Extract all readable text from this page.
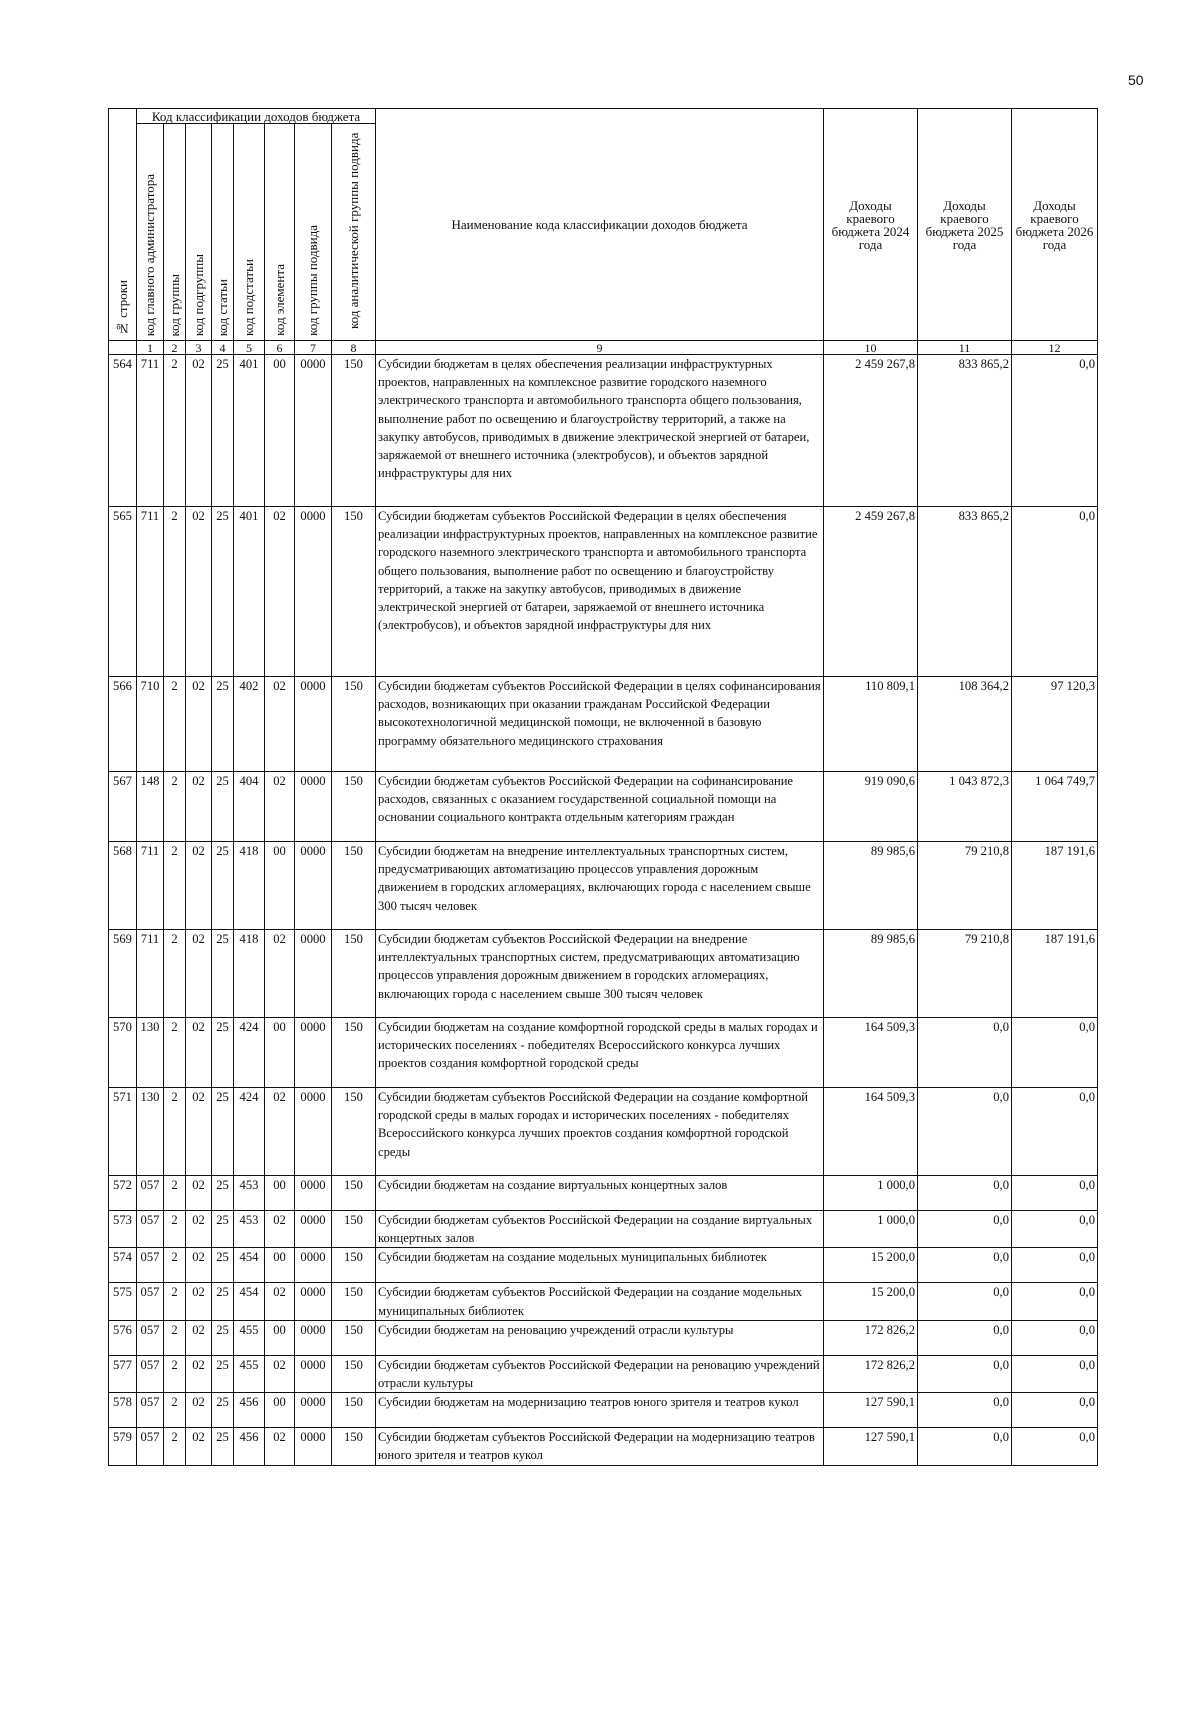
50
№ строки	Код классификации доходов бюджета								Наименование кода классификации доходов бюджета	Доходы краевого бюджета 2024 года	Доходы краевого бюджета 2025 года	Доходы краевого бюджета 2026 года

	код главного администратора	код группы	код подгруппы	код статьи	код подстатьи	код элемента	код группы подвида	код аналитической группы подвида				

	1	2	3	4	5	6	7	8	9	10	11	12
564	711	2	02	25	401	00	0000	150	Субсидии бюджетам в целях обеспечения реализации инфраструктурных проектов, направленных на комплексное развитие городского наземного электрического транспорта и автомобильного транспорта общего пользования, выполнение работ по освещению и благоустройству территорий, а также на закупку автобусов, приводимых в движение электрической энергией от батареи, заряжаемой от внешнего источника (электробусов), и объектов зарядной инфраструктуры для них	2 459 267,8	833 865,2	0,0
565	711	2	02	25	401	02	0000	150	Субсидии бюджетам субъектов Российской Федерации в целях обеспечения реализации инфраструктурных проектов, направленных на комплексное развитие городского наземного электрического транспорта и автомобильного транспорта общего пользования, выполнение работ по освещению и благоустройству территорий, а также на закупку автобусов, приводимых в движение электрической энергией от батареи, заряжаемой от внешнего источника (электробусов), и объектов зарядной инфраструктуры для них	2 459 267,8	833 865,2	0,0
566	710	2	02	25	402	02	0000	150	Субсидии бюджетам субъектов Российской Федерации в целях софинансирования расходов, возникающих при оказании гражданам Российской Федерации высокотехнологичной медицинской помощи, не включенной в базовую программу обязательного медицинского страхования	110 809,1	108 364,2	97 120,3
567	148	2	02	25	404	02	0000	150	Субсидии бюджетам субъектов Российской Федерации на софинансирование расходов, связанных с оказанием государственной социальной помощи на основании социального контракта отдельным категориям граждан	919 090,6	1 043 872,3	1 064 749,7
568	711	2	02	25	418	00	0000	150	Субсидии бюджетам на внедрение интеллектуальных транспортных систем, предусматривающих автоматизацию процессов управления дорожным движением в городских агломерациях, включающих города с населением свыше 300 тысяч человек	89 985,6	79 210,8	187 191,6
569	711	2	02	25	418	02	0000	150	Субсидии бюджетам субъектов Российской Федерации на внедрение интеллектуальных транспортных систем, предусматривающих автоматизацию процессов управления дорожным движением в городских агломерациях, включающих города с населением свыше 300 тысяч человек	89 985,6	79 210,8	187 191,6
570	130	2	02	25	424	00	0000	150	Субсидии бюджетам на создание комфортной городской среды в малых городах и исторических поселениях - победителях Всероссийского конкурса лучших проектов создания комфортной городской среды	164 509,3	0,0	0,0
571	130	2	02	25	424	02	0000	150	Субсидии бюджетам субъектов Российской Федерации на создание комфортной городской среды в малых городах и исторических поселениях - победителях Всероссийского конкурса лучших проектов создания комфортной городской среды	164 509,3	0,0	0,0
572	057	2	02	25	453	00	0000	150	Субсидии бюджетам на создание виртуальных концертных залов	1 000,0	0,0	0,0
573	057	2	02	25	453	02	0000	150	Субсидии бюджетам субъектов Российской Федерации на создание виртуальных концертных залов	1 000,0	0,0	0,0
574	057	2	02	25	454	00	0000	150	Субсидии бюджетам на создание модельных муниципальных библиотек	15 200,0	0,0	0,0
575	057	2	02	25	454	02	0000	150	Субсидии бюджетам субъектов Российской Федерации на создание модельных муниципальных библиотек	15 200,0	0,0	0,0
576	057	2	02	25	455	00	0000	150	Субсидии бюджетам на реновацию учреждений отрасли культуры	172 826,2	0,0	0,0
577	057	2	02	25	455	02	0000	150	Субсидии бюджетам субъектов Российской Федерации на реновацию учреждений отрасли культуры	172 826,2	0,0	0,0
578	057	2	02	25	456	00	0000	150	Субсидии бюджетам на модернизацию театров юного зрителя и театров кукол	127 590,1	0,0	0,0
579	057	2	02	25	456	02	0000	150	Субсидии бюджетам субъектов Российской Федерации на модернизацию театров юного зрителя и театров кукол	127 590,1	0,0	0,0
